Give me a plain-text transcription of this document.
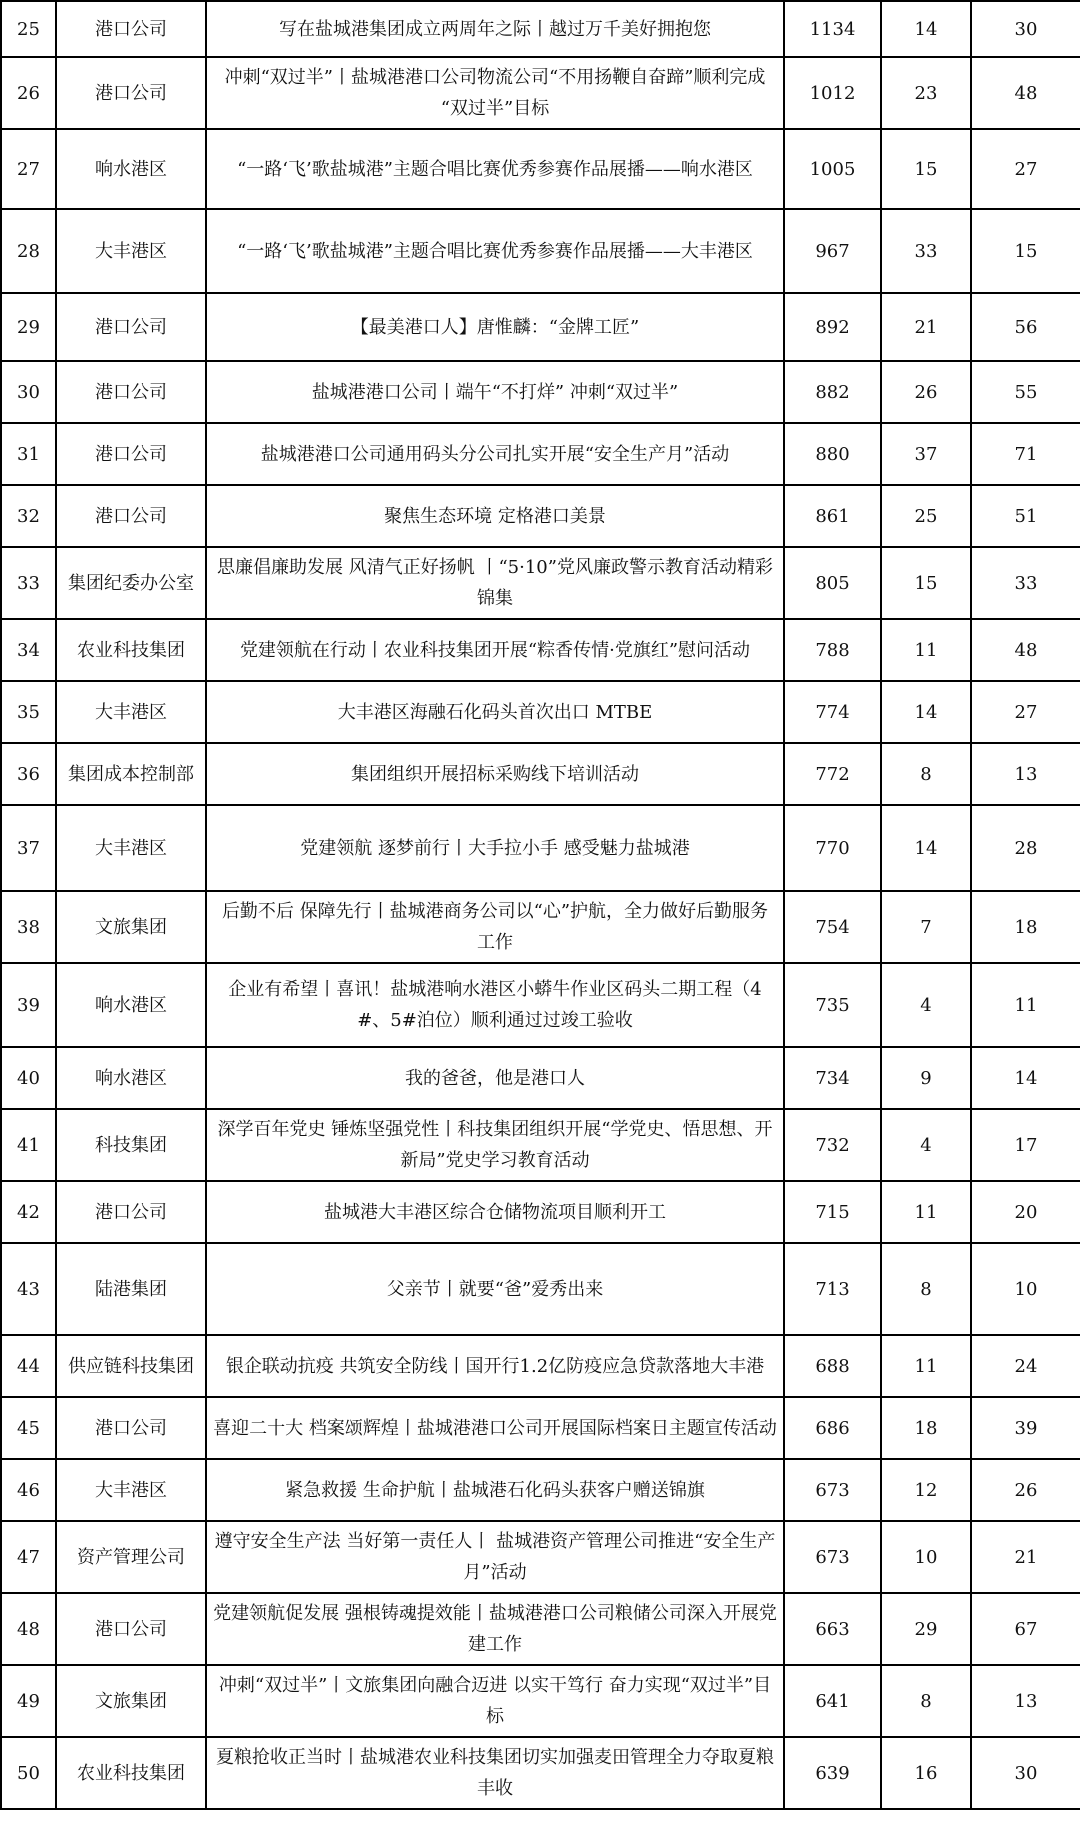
25	港口公司	写在盐城港集团成立两周年之际丨越过万千美好拥抱您	1134	14	30
26	港口公司	冲刺“双过半”丨盐城港港口公司物流公司“不用扬鞭自奋蹄”顺利完成“双过半”目标	1012	23	48
27	响水港区	“一路‘飞’歌盐城港”主题合唱比赛优秀参赛作品展播——响水港区	1005	15	27
28	大丰港区	“一路‘飞’歌盐城港”主题合唱比赛优秀参赛作品展播——大丰港区	967	33	15
29	港口公司	【最美港口人】唐惟麟：“金牌工匠”	892	21	56
30	港口公司	盐城港港口公司丨端午“不打烊” 冲刺“双过半”	882	26	55
31	港口公司	盐城港港口公司通用码头分公司扎实开展“安全生产月”活动	880	37	71
32	港口公司	聚焦生态环境 定格港口美景	861	25	51
33	集团纪委办公室	思廉倡廉助发展 风清气正好扬帆 丨“5·10”党风廉政警示教育活动精彩锦集	805	15	33
34	农业科技集团	党建领航在行动丨农业科技集团开展“粽香传情·党旗红”慰问活动	788	11	48
35	大丰港区	大丰港区海融石化码头首次出口 MTBE	774	14	27
36	集团成本控制部	集团组织开展招标采购线下培训活动	772	8	13
37	大丰港区	党建领航 逐梦前行丨大手拉小手 感受魅力盐城港	770	14	28
38	文旅集团	后勤不后 保障先行丨盐城港商务公司以“心”护航，全力做好后勤服务工作	754	7	18
39	响水港区	企业有希望丨喜讯！盐城港响水港区小蟒牛作业区码头二期工程（4#、5#泊位）顺利通过过竣工验收	735	4	11
40	响水港区	我的爸爸，他是港口人	734	9	14
41	科技集团	深学百年党史 锤炼坚强党性丨科技集团组织开展“学党史、悟思想、开新局”党史学习教育活动	732	4	17
42	港口公司	盐城港大丰港区综合仓储物流项目顺利开工	715	11	20
43	陆港集团	父亲节丨就要“爸”爱秀出来	713	8	10
44	供应链科技集团	银企联动抗疫 共筑安全防线丨国开行1.2亿防疫应急贷款落地大丰港	688	11	24
45	港口公司	喜迎二十大 档案颂辉煌丨盐城港港口公司开展国际档案日主题宣传活动	686	18	39
46	大丰港区	紧急救援 生命护航丨盐城港石化码头获客户赠送锦旗	673	12	26
47	资产管理公司	遵守安全生产法 当好第一责任人丨 盐城港资产管理公司推进“安全生产月”活动	673	10	21
48	港口公司	党建领航促发展 强根铸魂提效能丨盐城港港口公司粮储公司深入开展党建工作	663	29	67
49	文旅集团	冲刺“双过半”丨文旅集团向融合迈进 以实干笃行 奋力实现“双过半”目标	641	8	13
50	农业科技集团	夏粮抢收正当时丨盐城港农业科技集团切实加强麦田管理全力夺取夏粮丰收	639	16	30
